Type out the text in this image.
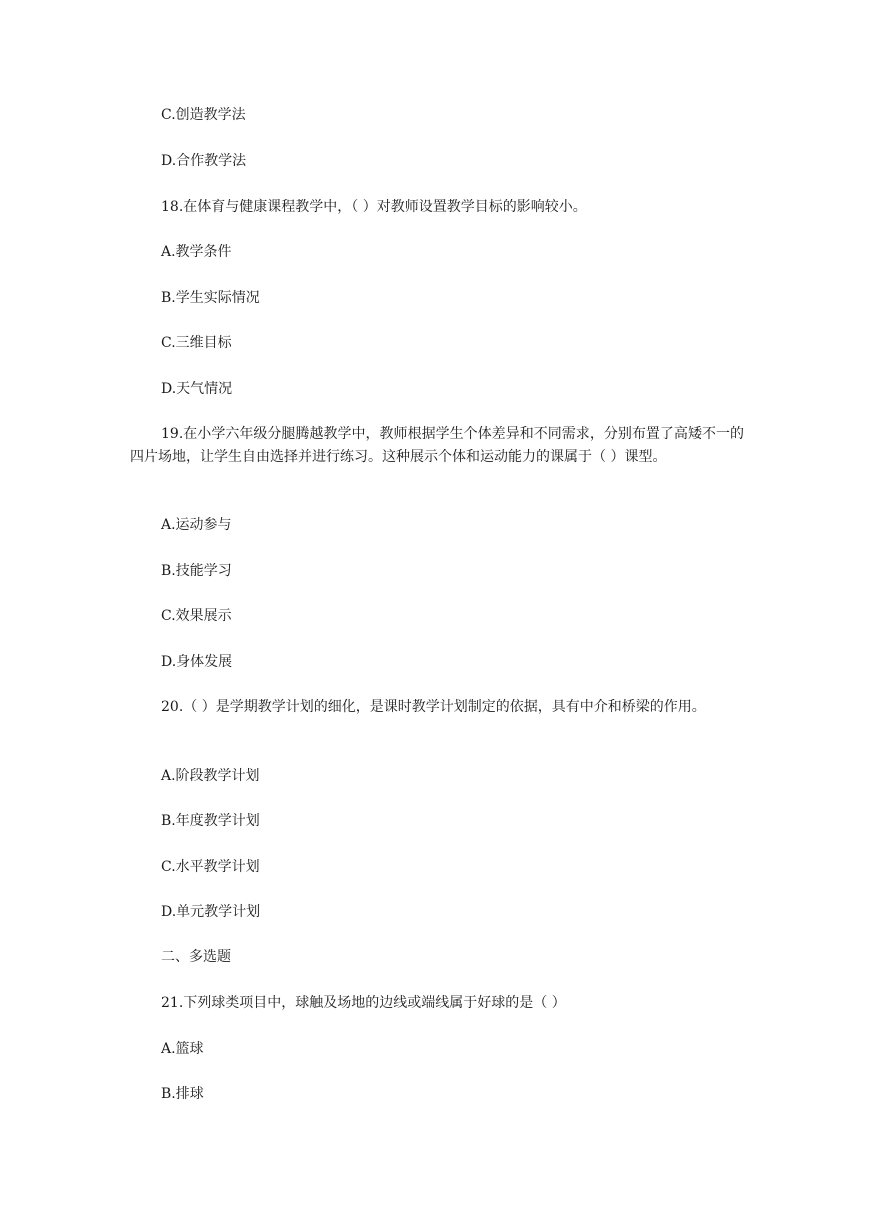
C.创造教学法
D.合作教学法
18.在体育与健康课程教学中，（ ）对教师设置教学目标的影响较小。
A.教学条件
B.学生实际情况
C.三维目标
D.天气情况
19.在小学六年级分腿腾越教学中，教师根据学生个体差异和不同需求，分别布置了高矮不一的四片场地，让学生自由选择并进行练习。这种展示个体和运动能力的课属于（ ）课型。
A.运动参与
B.技能学习
C.效果展示
D.身体发展
20.（ ）是学期教学计划的细化，是课时教学计划制定的依据，具有中介和桥梁的作用。
A.阶段教学计划
B.年度教学计划
C.水平教学计划
D.单元教学计划
二、多选题
21.下列球类项目中，球触及场地的边线或端线属于好球的是（ ）
A.篮球
B.排球
